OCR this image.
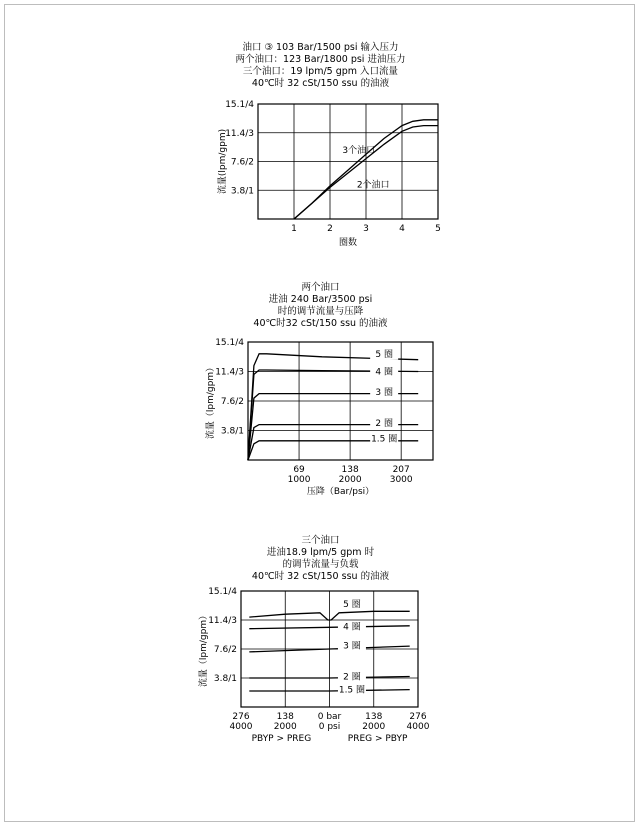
油口 ③ 103 Bar/1500 psi 输入压力
两个油口：123 Bar/1800 psi 进油压力
三个油口：19 lpm/5 gpm 入口流量
40℃时 32 cSt/150 ssu 的油液
15.1/4
11.4/3
7.6/2
3.8/1
1	2	3	4	5
流量(lpm/gpm)
圈数
3个油口
2个油口
两个油口
进油 240 Bar/3500 psi
时的调节流量与压降
40℃时32 cSt/150 ssu 的油液
15.1/4
11.4/3
7.6/2
3.8/1
69
1000
138
2000
207
3000
流量（lpm/gpm）
压降（Bar/psi）
5 圈
4 圈
3 圈
2 圈
1.5 圈
三个油口
进油18.9 lpm/5 gpm 时
的调节流量与负载
40℃时 32 cSt/150 ssu 的油液
15.1/4
11.4/3
7.6/2
3.8/1
276
4000
138
2000
0 bar
0 psi
138
2000
276
4000
流量（lpm/gpm）
PBYP > PREG	PREG > PBYP
5 圈
4 圈
3 圈
2 圈
1.5 圈
